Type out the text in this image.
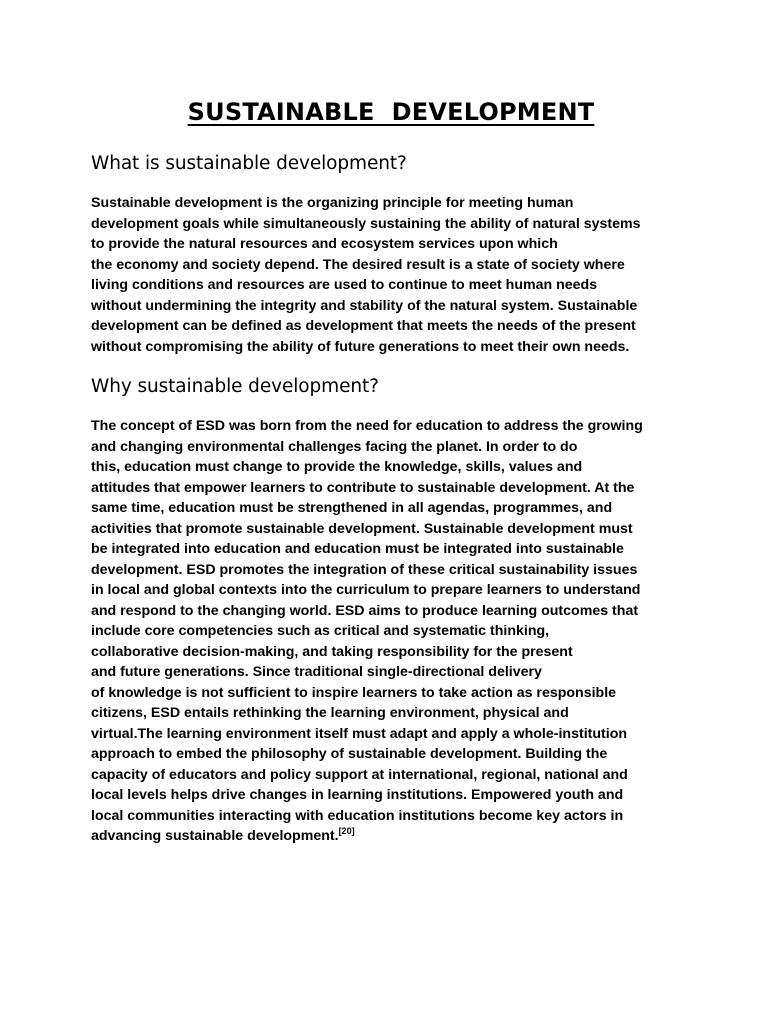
SUSTAINABLE  DEVELOPMENT
What is sustainable development?
Sustainable development is the organizing principle for meeting human
development goals while simultaneously sustaining the ability of natural systems
to provide the natural resources and ecosystem services upon which
the economy and society depend. The desired result is a state of society where
living conditions and resources are used to continue to meet human needs
without undermining the integrity and stability of the natural system. Sustainable
development can be defined as development that meets the needs of the present
without compromising the ability of future generations to meet their own needs.
Why sustainable development?
The concept of ESD was born from the need for education to address the growing
and changing environmental challenges facing the planet. In order to do
this, education must change to provide the knowledge, skills, values and
attitudes that empower learners to contribute to sustainable development. At the
same time, education must be strengthened in all agendas, programmes, and
activities that promote sustainable development. Sustainable development must
be integrated into education and education must be integrated into sustainable
development. ESD promotes the integration of these critical sustainability issues
in local and global contexts into the curriculum to prepare learners to understand
and respond to the changing world. ESD aims to produce learning outcomes that
include core competencies such as critical and systematic thinking,
collaborative decision-making, and taking responsibility for the present
and future generations. Since traditional single-directional delivery
of knowledge is not sufficient to inspire learners to take action as responsible
citizens, ESD entails rethinking the learning environment, physical and
virtual.The learning environment itself must adapt and apply a whole-institution
approach to embed the philosophy of sustainable development. Building the
capacity of educators and policy support at international, regional, national and
local levels helps drive changes in learning institutions. Empowered youth and
local communities interacting with education institutions become key actors in
advancing sustainable development.[20]
